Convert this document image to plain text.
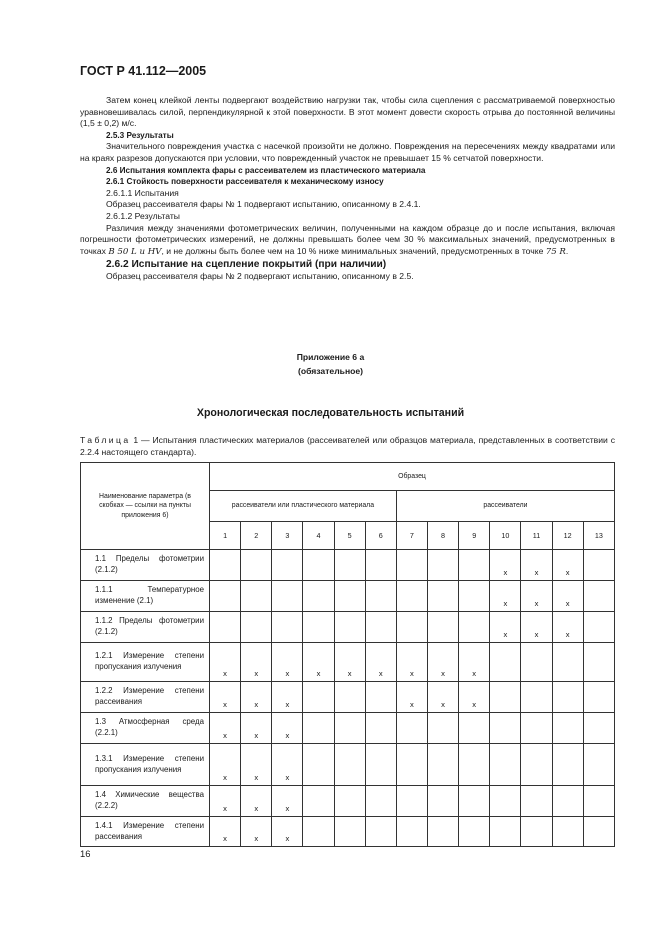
ГОСТ Р 41.112—2005

Затем конец клейкой ленты подвергают воздействию нагрузки так, чтобы сила сцепления с рассматриваемой поверхностью уравновешивалась силой, перпендикулярной к этой поверхности. В этот момент довести скорость отрыва до постоянной величины (1,5 ± 0,2) м/с.

2.5.3 Результаты

Значительного повреждения участка с насечкой произойти не должно. Повреждения на пересечениях между квадратами или на краях разрезов допускаются при условии, что поврежденный участок не превышает 15 % сетчатой поверхности.

2.6 Испытания комплекта фары с рассеивателем из пластического материала

2.6.1 Стойкость поверхности рассеивателя к механическому износу

2.6.1.1 Испытания

Образец рассеивателя фары № 1 подвергают испытанию, описанному в 2.4.1.

2.6.1.2 Результаты

Различия между значениями фотометрических величин, полученными на каждом образце до и после испытания, включая погрешности фотометрических измерений, не должны превышать более чем 30 % максимальных значений, предусмотренных в точках B 50 L и HV, и не должны быть более чем на 10 % ниже минимальных значений, предусмотренных в точке 75 R.

2.6.2 Испытание на сцепление покрытий (при наличии)

Образец рассеивателя фары № 2 подвергают испытанию, описанному в 2.5.

Приложение 6 а
(обязательное)
Хронологическая последовательность испытаний
Таблица 1 — Испытания пластических материалов (рассеивателей или образцов материала, представленных в соответствии с 2.2.4 настоящего стандарта).
Наименование параметра (в скобках — ссылки на пункты приложения 6)	Образец												
	рассеиватели или пластического материала						рассеиватели						
	1	2	3	4	5	6	7	8	9	10	11	12	13
1.1 Пределы фотометрии (2.1.2)										x	x	x	
1.1.1 Температурное изменение (2.1)										x	x	x	
1.1.2 Пределы фотометрии (2.1.2)										x	x	x	
1.2.1 Измерение степени пропускания излучения	x	x	x	x	x	x	x	x	x				
1.2.2 Измерение степени рассеивания	x	x	x				x	x	x				
1.3 Атмосферная среда (2.2.1)	x	x	x										
1.3.1 Измерение степени пропускания излучения	x	x	x										
1.4 Химические вещества (2.2.2)	x	x	x										
1.4.1 Измерение степени рассеивания	x	x	x										
16
